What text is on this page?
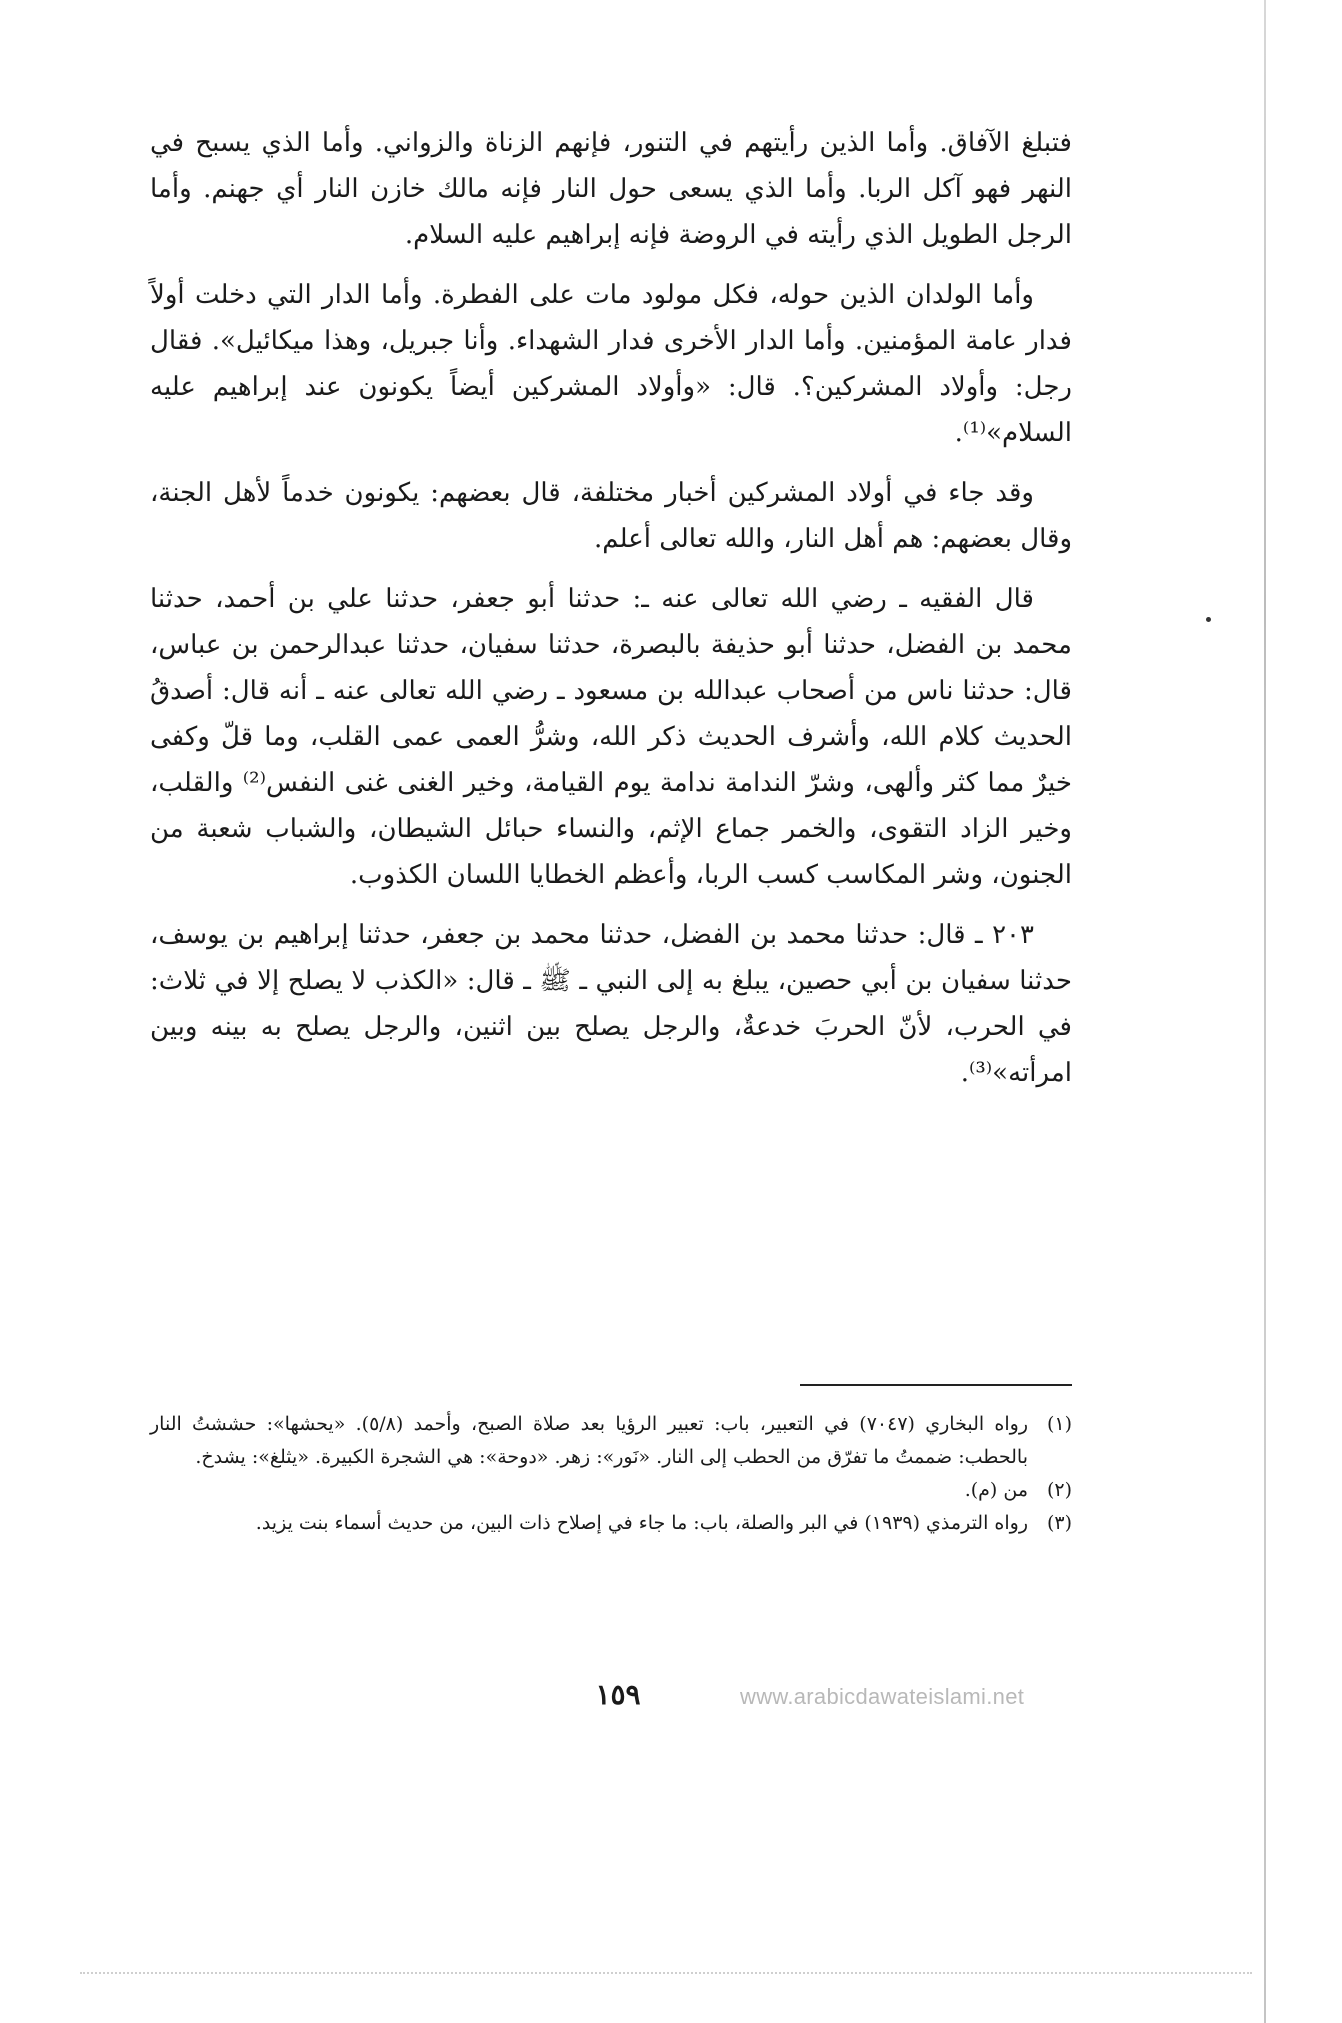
فتبلغ الآفاق. وأما الذين رأيتهم في التنور، فإنهم الزناة والزواني. وأما الذي يسبح في النهر فهو آكل الربا. وأما الذي يسعى حول النار فإنه مالك خازن النار أي جهنم. وأما الرجل الطويل الذي رأيته في الروضة فإنه إبراهيم عليه السلام.

وأما الولدان الذين حوله، فكل مولود مات على الفطرة. وأما الدار التي دخلت أولاً فدار عامة المؤمنين. وأما الدار الأخرى فدار الشهداء. وأنا جبريل، وهذا ميكائيل». فقال رجل: وأولاد المشركين؟. قال: «وأولاد المشركين أيضاً يكونون عند إبراهيم عليه السلام»⁽¹⁾.

وقد جاء في أولاد المشركين أخبار مختلفة، قال بعضهم: يكونون خدماً لأهل الجنة، وقال بعضهم: هم أهل النار، والله تعالى أعلم.

قال الفقيه ـ رضي الله تعالى عنه ـ: حدثنا أبو جعفر، حدثنا علي بن أحمد، حدثنا محمد بن الفضل، حدثنا أبو حذيفة بالبصرة، حدثنا سفيان، حدثنا عبدالرحمن بن عباس، قال: حدثنا ناس من أصحاب عبدالله بن مسعود ـ رضي الله تعالى عنه ـ أنه قال: أصدقُ الحديث كلام الله، وأشرف الحديث ذكر الله، وشرُّ العمى عمى القلب، وما قلّ وكفى خيرٌ مما كثر وألهى، وشرّ الندامة ندامة يوم القيامة، وخير الغنى غنى النفس⁽²⁾ والقلب، وخير الزاد التقوى، والخمر جماع الإثم، والنساء حبائل الشيطان، والشباب شعبة من الجنون، وشر المكاسب كسب الربا، وأعظم الخطايا اللسان الكذوب.

٢٠٣ ـ قال: حدثنا محمد بن الفضل، حدثنا محمد بن جعفر، حدثنا إبراهيم بن يوسف، حدثنا سفيان بن أبي حصين، يبلغ به إلى النبي ـ ﷺ ـ قال: «الكذب لا يصلح إلا في ثلاث: في الحرب، لأنّ الحربَ خدعةٌ، والرجل يصلح بين اثنين، والرجل يصلح به بينه وبين امرأته»⁽³⁾.

(١)
رواه البخاري (٧٠٤٧) في التعبير، باب: تعبير الرؤيا بعد صلاة الصبح، وأحمد (٥/٨). «يحشها»: حششتُ النار بالحطب: ضممتُ ما تفرّق من الحطب إلى النار. «نَور»: زهر. «دوحة»: هي الشجرة الكبيرة. «يثلغ»: يشدخ.
(٢)
من (م).
(٣)
رواه الترمذي (١٩٣٩) في البر والصلة، باب: ما جاء في إصلاح ذات البين، من حديث أسماء بنت يزيد.
١٥٩	www.arabicdawateislami.net
